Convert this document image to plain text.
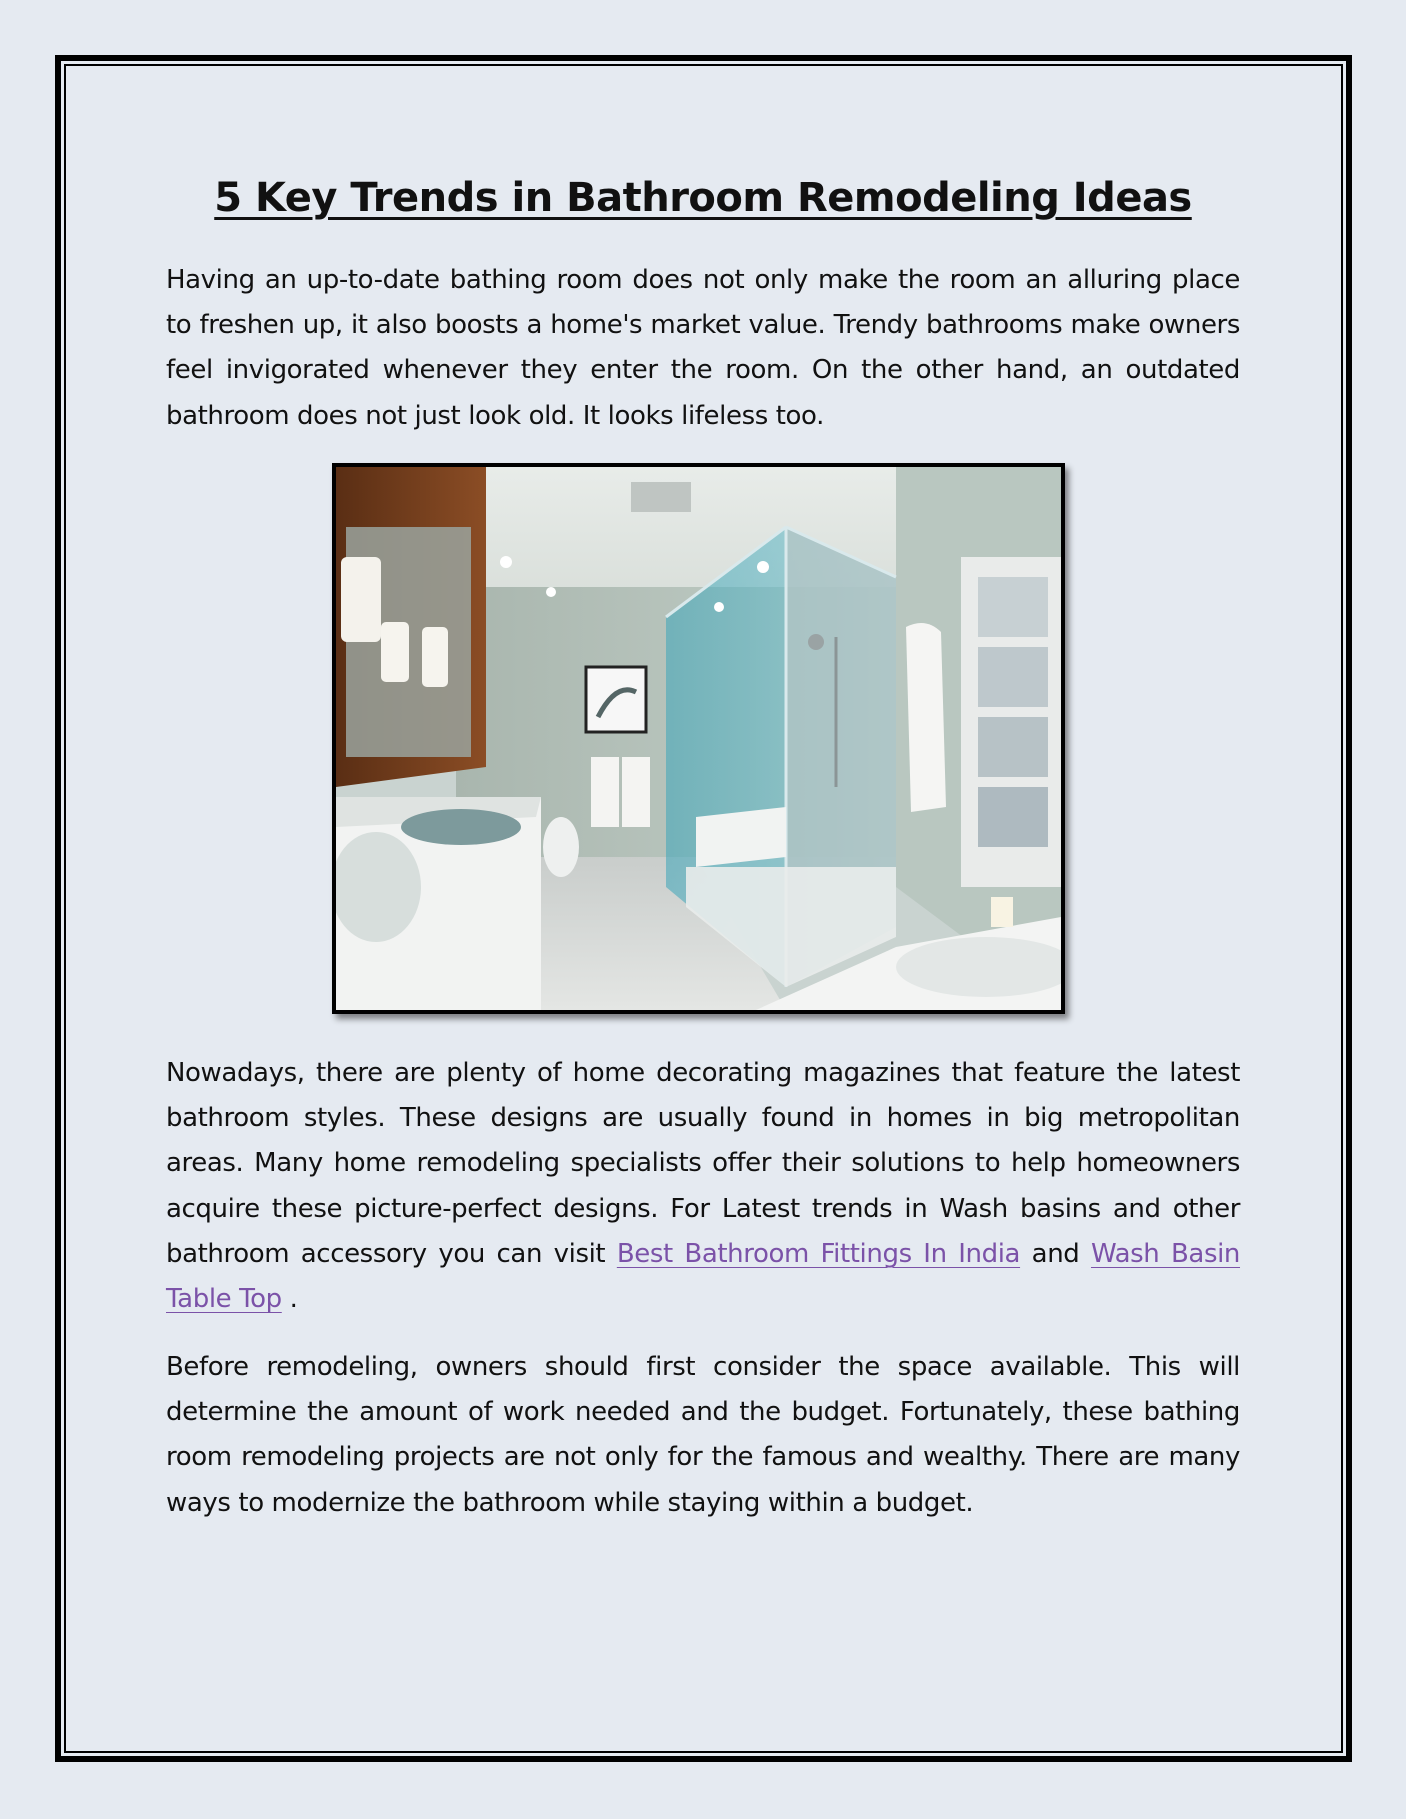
5 Key Trends in Bathroom Remodeling Ideas

Having an up-to-date bathing room does not only make the room an alluring place to freshen up, it also boosts a home's market value. Trendy bathrooms make owners feel invigorated whenever they enter the room. On the other hand, an outdated bathroom does not just look old. It looks lifeless too.

Nowadays, there are plenty of home decorating magazines that feature the latest bathroom styles. These designs are usually found in homes in big metropolitan areas. Many home remodeling specialists offer their solutions to help homeowners acquire these picture-perfect designs. For Latest trends in Wash basins and other bathroom accessory you can visit Best Bathroom Fittings In India and Wash Basin Table Top .

Before remodeling, owners should first consider the space available. This will determine the amount of work needed and the budget. Fortunately, these bathing room remodeling projects are not only for the famous and wealthy. There are many ways to modernize the bathroom while staying within a budget.
